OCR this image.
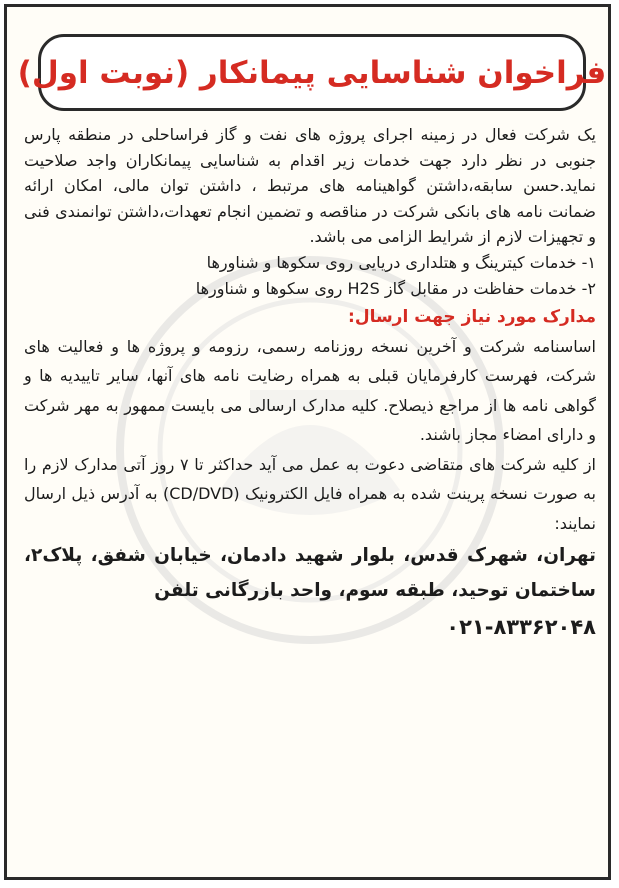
فراخوان شناسایی پیمانکار (نوبت اول)

یک شرکت فعال در زمینه اجرای پروژه های نفت و گاز فراساحلی در منطقه پارس جنوبی در نظر دارد جهت خدمات زیر اقدام به شناسایی پیمانکاران واجد صلاحیت نماید.حسن سابقه،داشتن گواهینامه های مرتبط ، داشتن توان مالی، امکان ارائه ضمانت نامه های بانکی شرکت در مناقصه و تضمین انجام تعهدات،داشتن توانمندی فنی و تجهیزات لازم از شرایط الزامی می باشد.

۱- خدمات کیترینگ و هتلداری دریایی روی سکوها و شناورها

۲- خدمات حفاظت در مقابل گاز H2S روی سکوها و شناورها

مدارک مورد نیاز جهت ارسال:

اساسنامه شرکت و آخرین نسخه روزنامه رسمی، رزومه و پروژه ها و فعالیت های شرکت، فهرست کارفرمایان قبلی به همراه رضایت نامه های آنها، سایر تاییدیه ها و گواهی نامه ها از مراجع ذیصلاح. کلیه مدارک ارسالی می بایست ممهور به مهر شرکت و دارای امضاء مجاز باشند.

از کلیه شرکت های متقاضی دعوت به عمل می آید حداکثر تا ۷ روز آتی مدارک لازم را به صورت نسخه پرینت شده به همراه فایل الکترونیک (CD/DVD) به آدرس ذیل ارسال نمایند:

تهران، شهرک قدس، بلوار شهید دادمان، خیابان شفق، پلاک۲، ساختمان توحید، طبقه سوم، واحد بازرگانی تلفن

۰۲۱-۸۳۳۶۲۰۴۸
